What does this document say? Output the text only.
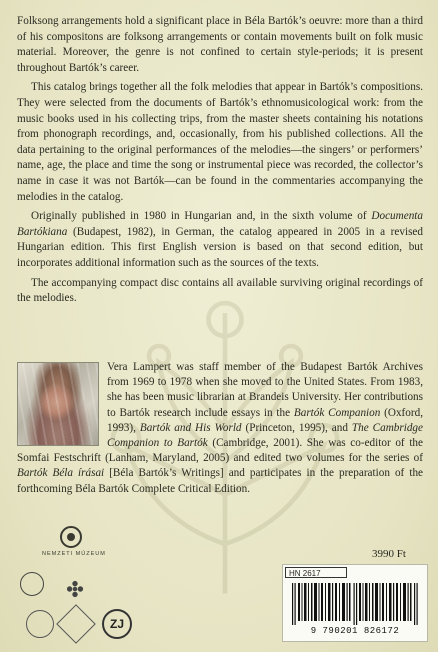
Folksong arrangements hold a significant place in Béla Bartók’s oeuvre: more than a third of his compositons are folksong arrangements or contain movements built on folk music material. Moreover, the genre is not confined to certain style-periods; it is present throughout Bartók’s career.

This catalog brings together all the folk melodies that appear in Bartók’s compositions. They were selected from the documents of Bartók’s ethnomusicological work: from the music books used in his collecting trips, from the master sheets containing his notations from phonograph recordings, and, occasionally, from his published collections. All the data pertaining to the original performances of the melodies—the singers’ or performers’ name, age, the place and time the song or instrumental piece was recorded, the collector’s name in case it was not Bartók—can be found in the commentaries accompanying the melodies in the catalog.

Originally published in 1980 in Hungarian and, in the sixth volume of Documenta Bartókiana (Budapest, 1982), in German, the catalog appeared in 2005 in a revised Hungarian edition. This first English version is based on that second edition, but incorporates additional information such as the sources of the texts.

The accompanying compact disc contains all available surviving original recordings of the melodies.

Vera Lampert was staff member of the Budapest Bartók Archives from 1969 to 1978 when she moved to the United States. From 1983, she has been music librarian at Brandeis University. Her contributions to Bartók research include essays in the Bartók Companion (Oxford, 1993), Bartók and His World (Princeton, 1995), and The Cambridge Companion to Bartók (Cambridge, 2001). She was co-editor of the Somfai Festschrift (Lanham, Maryland, 2005) and edited two volumes for the series of Bartók Béla írásai [Béla Bartók’s Writings] and participates in the preparation of the forthcoming Béla Bartók Complete Critical Edition.

NEMZETI MÚZEUM
ZJ
3990 Ft
HN 2617
9 790201 826172
